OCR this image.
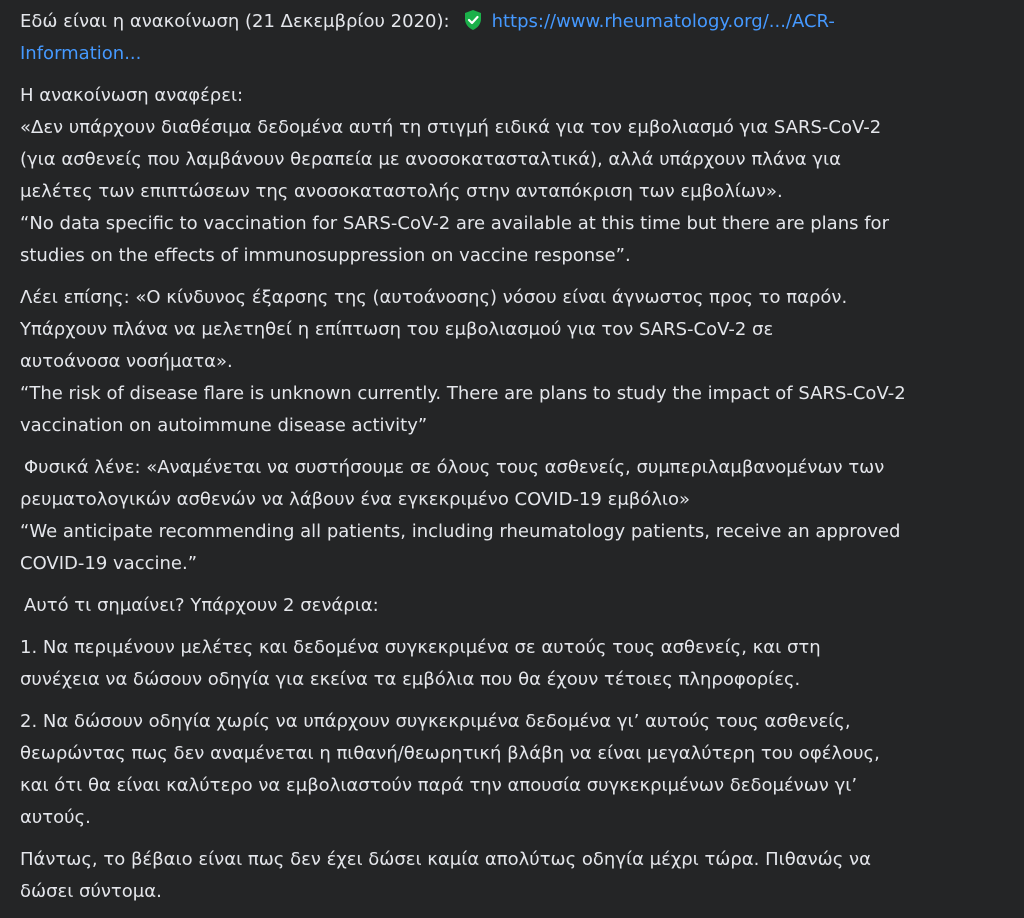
Εδώ είναι η ανακοίνωση (21 Δεκεμβρίου 2020): https://www.rheumatology.org/.../ACR-
Information...

Η ανακοίνωση αναφέρει:
«Δεν υπάρχουν διαθέσιμα δεδομένα αυτή τη στιγμή ειδικά για τον εμβολιασμό για SARS-CoV-2
(για ασθενείς που λαμβάνουν θεραπεία με ανοσοκατασταλτικά), αλλά υπάρχουν πλάνα για
μελέτες των επιπτώσεων της ανοσοκαταστολής στην ανταπόκριση των εμβολίων».
“No data specific to vaccination for SARS-CoV-2 are available at this time but there are plans for
studies on the effects of immunosuppression on vaccine response”.

Λέει επίσης: «Ο κίνδυνος έξαρσης της (αυτοάνοσης) νόσου είναι άγνωστος προς το παρόν.
Υπάρχουν πλάνα να μελετηθεί η επίπτωση του εμβολιασμού για τον SARS-CoV-2 σε
αυτοάνοσα νοσήματα».
“The risk of disease flare is unknown currently. There are plans to study the impact of SARS-CoV-2
vaccination on autoimmune disease activity”

Φυσικά λένε: «Αναμένεται να συστήσουμε σε όλους τους ασθενείς, συμπεριλαμβανομένων των
ρευματολογικών ασθενών να λάβουν ένα εγκεκριμένο COVID-19 εμβόλιο»
“We anticipate recommending all patients, including rheumatology patients, receive an approved
COVID-19 vaccine.”

Αυτό τι σημαίνει? Υπάρχουν 2 σενάρια:

1. Να περιμένουν μελέτες και δεδομένα συγκεκριμένα σε αυτούς τους ασθενείς, και στη
συνέχεια να δώσουν οδηγία για εκείνα τα εμβόλια που θα έχουν τέτοιες πληροφορίες.

2. Να δώσουν οδηγία χωρίς να υπάρχουν συγκεκριμένα δεδομένα γι’ αυτούς τους ασθενείς,
θεωρώντας πως δεν αναμένεται η πιθανή/θεωρητική βλάβη να είναι μεγαλύτερη του οφέλους,
και ότι θα είναι καλύτερο να εμβολιαστούν παρά την απουσία συγκεκριμένων δεδομένων γι’
αυτούς.

Πάντως, το βέβαιο είναι πως δεν έχει δώσει καμία απολύτως οδηγία μέχρι τώρα. Πιθανώς να
δώσει σύντομα.
